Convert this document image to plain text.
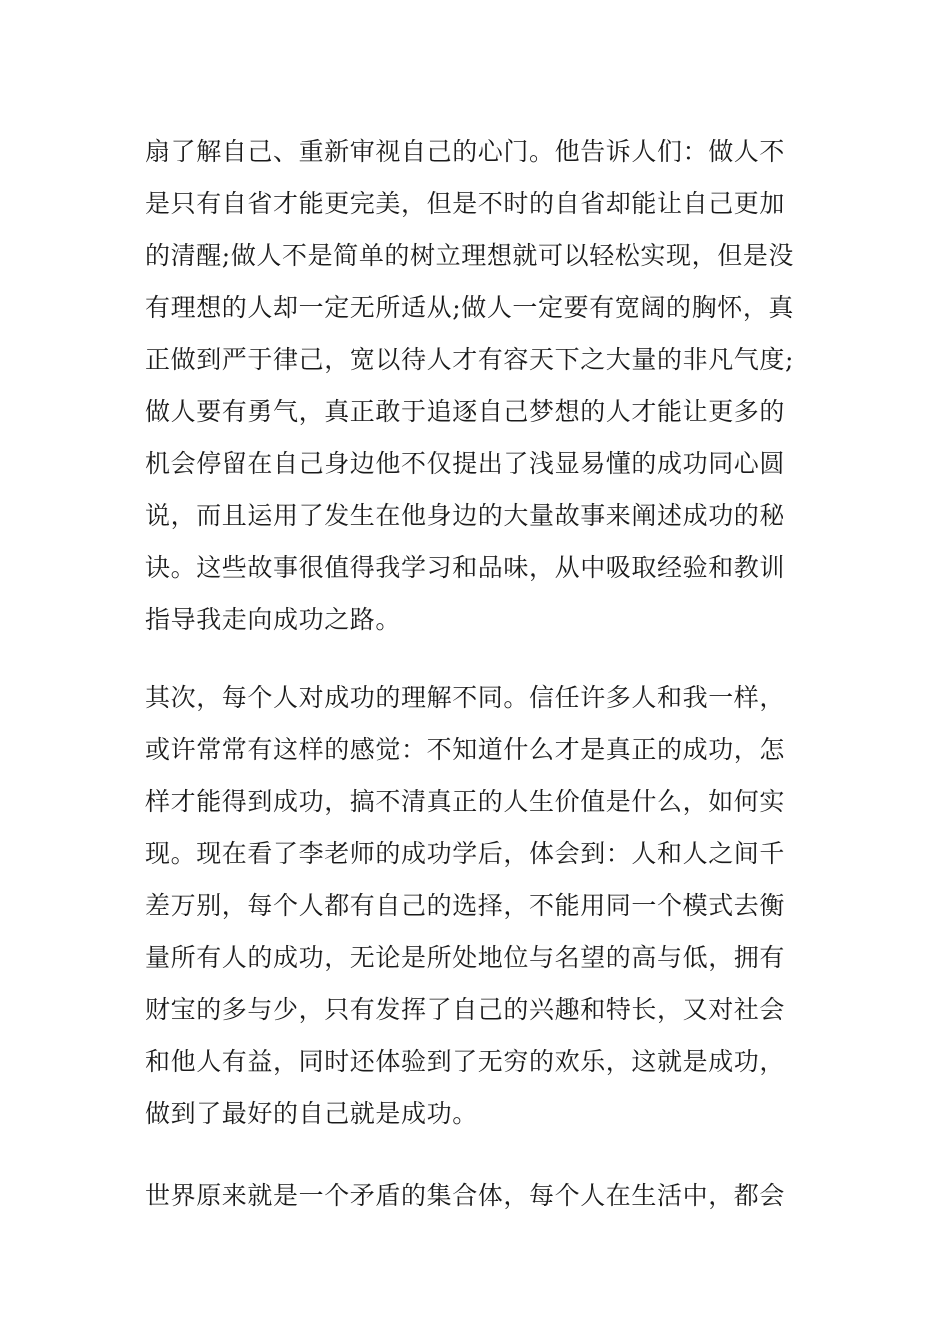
扇了解自己、重新审视自己的心门。他告诉人们：做人不
是只有自省才能更完美，但是不时的自省却能让自己更加
的清醒;做人不是简单的树立理想就可以轻松实现，但是没
有理想的人却一定无所适从;做人一定要有宽阔的胸怀，真
正做到严于律己，宽以待人才有容天下之大量的非凡气度;
做人要有勇气，真正敢于追逐自己梦想的人才能让更多的
机会停留在自己身边他不仅提出了浅显易懂的成功同心圆
说，而且运用了发生在他身边的大量故事来阐述成功的秘
诀。这些故事很值得我学习和品味，从中吸取经验和教训
指导我走向成功之路。
其次，每个人对成功的理解不同。信任许多人和我一样，
或许常常有这样的感觉：不知道什么才是真正的成功，怎
样才能得到成功，搞不清真正的人生价值是什么，如何实
现。现在看了李老师的成功学后，体会到：人和人之间千
差万别，每个人都有自己的选择，不能用同一个模式去衡
量所有人的成功，无论是所处地位与名望的高与低，拥有
财宝的多与少，只有发挥了自己的兴趣和特长，又对社会
和他人有益，同时还体验到了无穷的欢乐，这就是成功，
做到了最好的自己就是成功。
世界原来就是一个矛盾的集合体，每个人在生活中，都会
